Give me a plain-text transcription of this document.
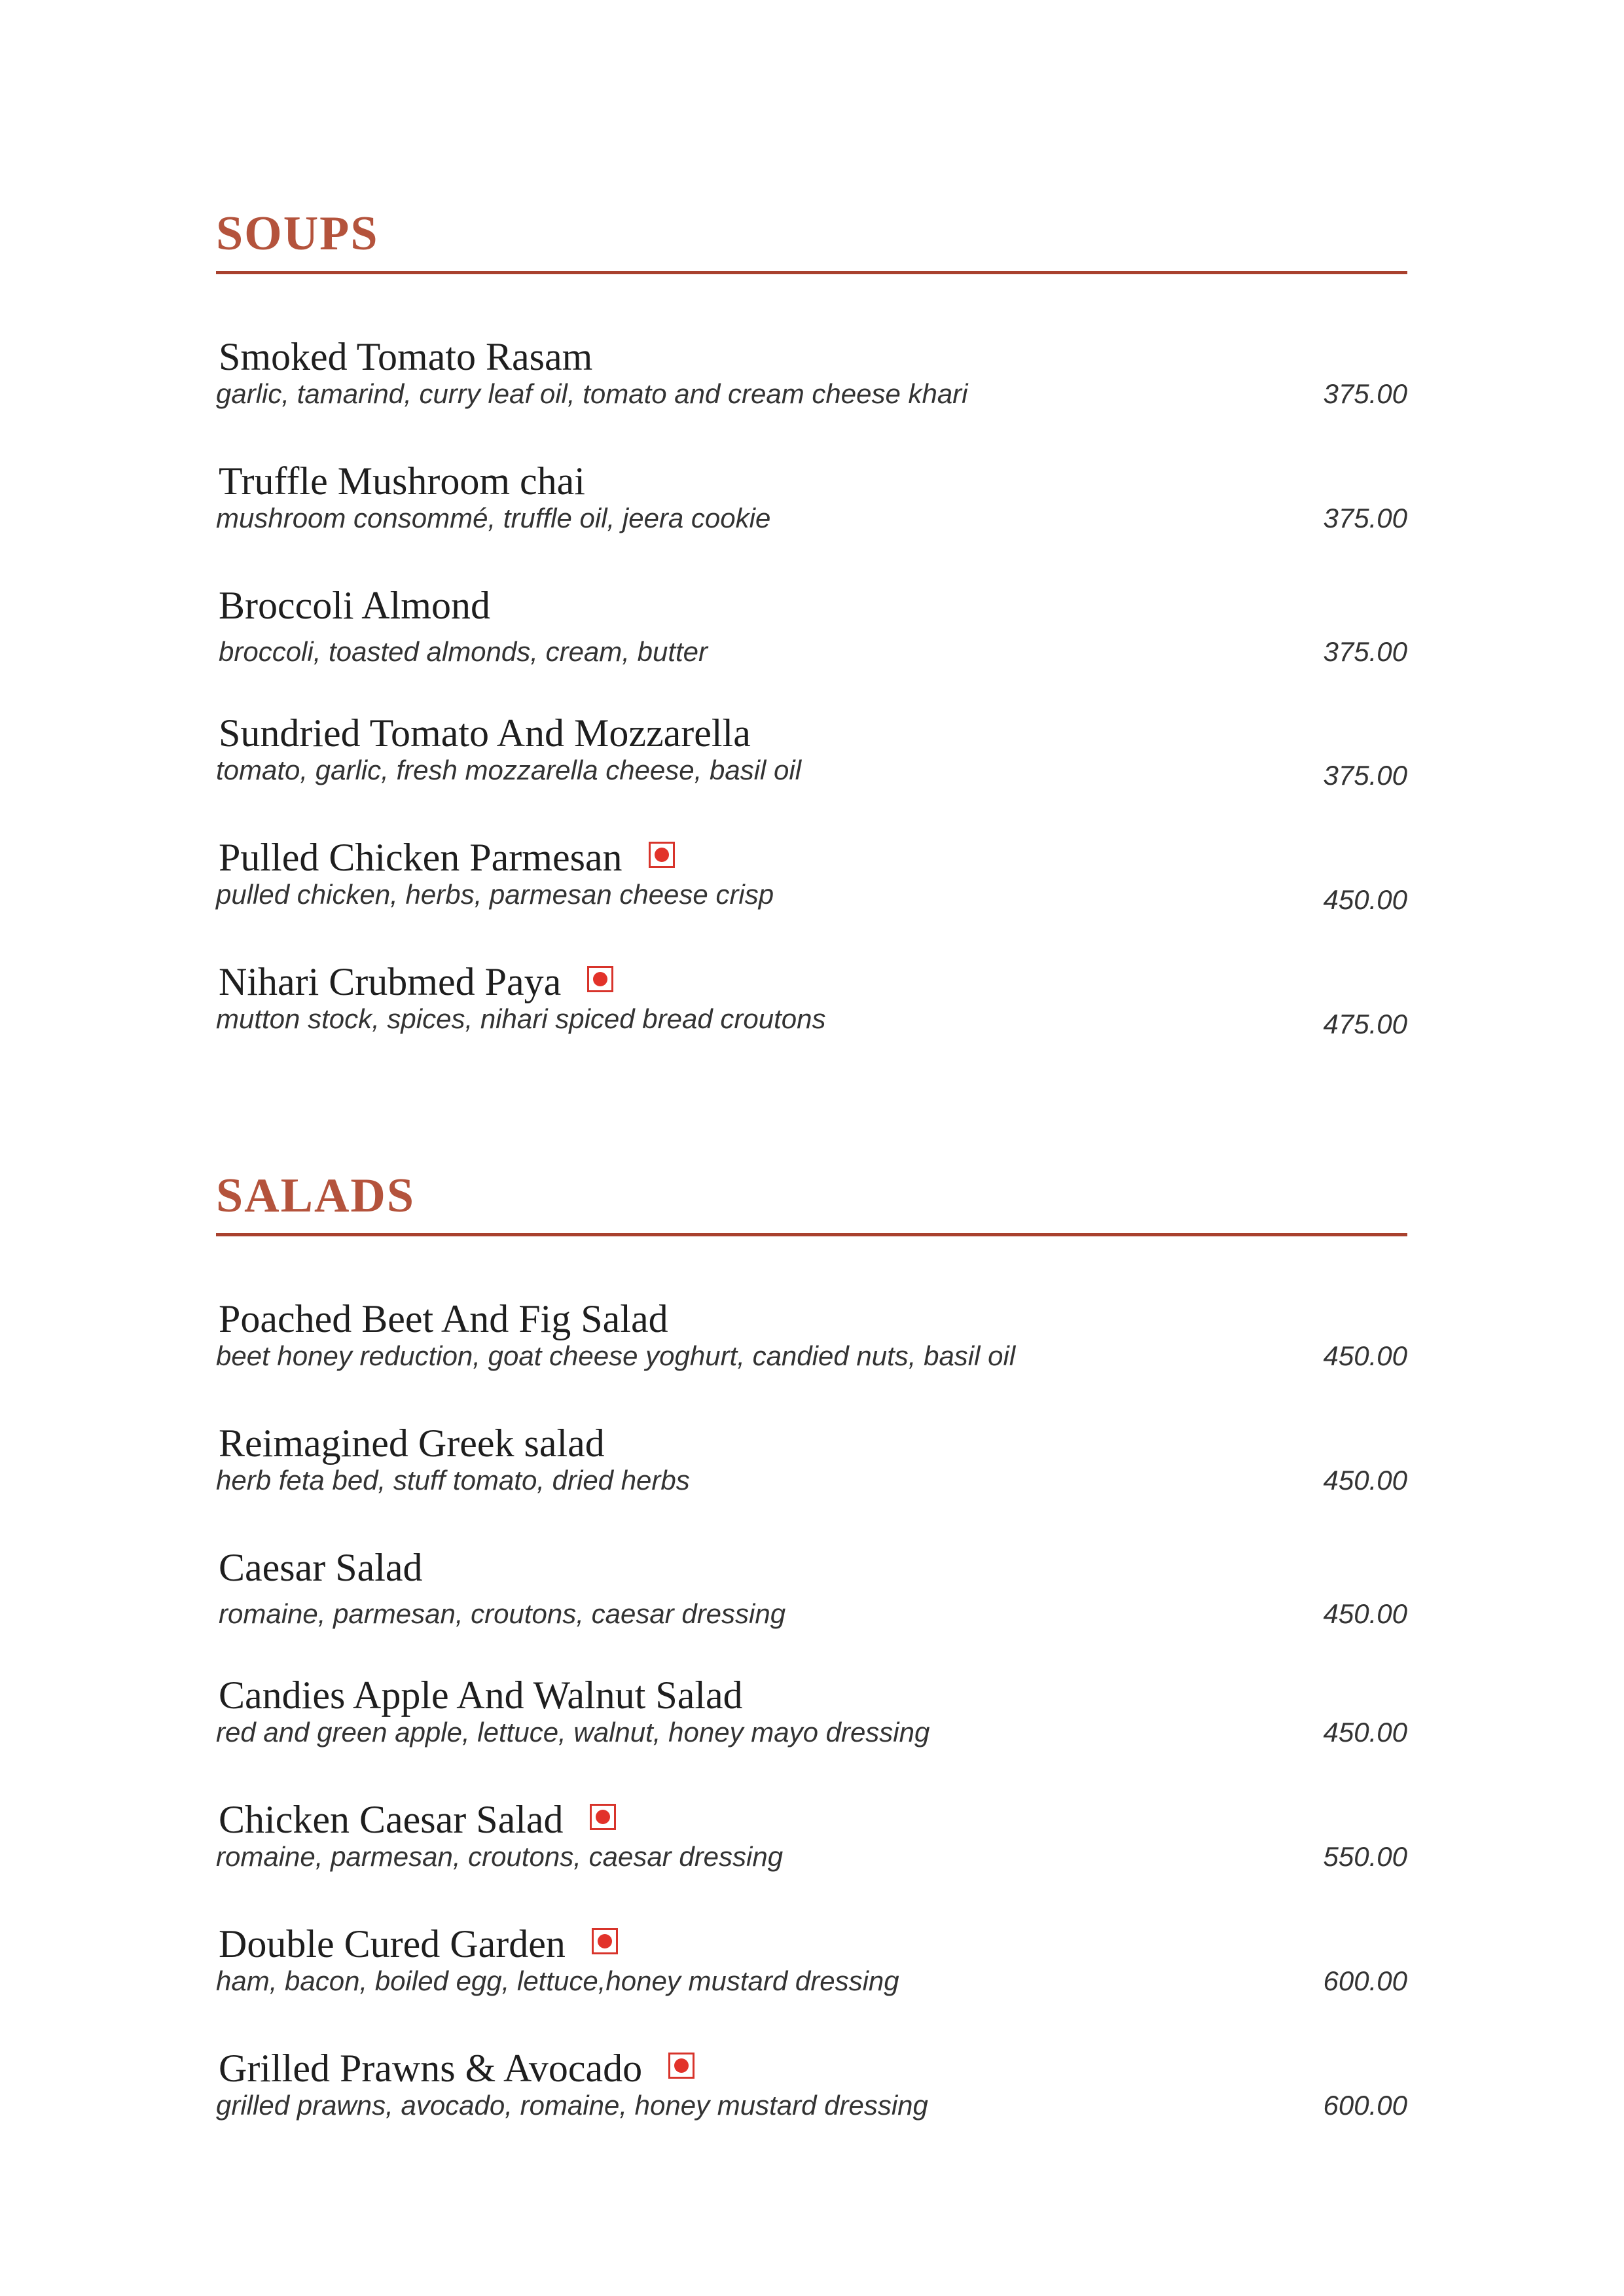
SOUPS
Smoked Tomato Rasam
garlic, tamarind, curry leaf oil, tomato and cream cheese khari	375.00
Truffle Mushroom chai
mushroom consommé, truffle oil, jeera cookie	375.00
Broccoli Almond
broccoli, toasted almonds, cream, butter	375.00
Sundried Tomato And Mozzarella
tomato, garlic, fresh mozzarella cheese, basil oil	375.00
Pulled Chicken Parmesan
pulled chicken, herbs, parmesan cheese crisp	450.00
Nihari Crubmed Paya
mutton stock, spices, nihari spiced bread croutons	475.00
SALADS
Poached Beet And Fig Salad
beet honey reduction, goat cheese yoghurt, candied nuts, basil oil	450.00
Reimagined Greek salad
herb feta bed, stuff tomato, dried herbs	450.00
Caesar Salad
romaine, parmesan, croutons, caesar dressing	450.00
Candies Apple And Walnut Salad
red and green apple, lettuce, walnut, honey mayo dressing	450.00
Chicken Caesar Salad
romaine, parmesan, croutons, caesar dressing	550.00
Double Cured Garden
ham, bacon, boiled egg, lettuce,honey mustard dressing	600.00
Grilled Prawns & Avocado
grilled prawns, avocado, romaine, honey mustard dressing	600.00
